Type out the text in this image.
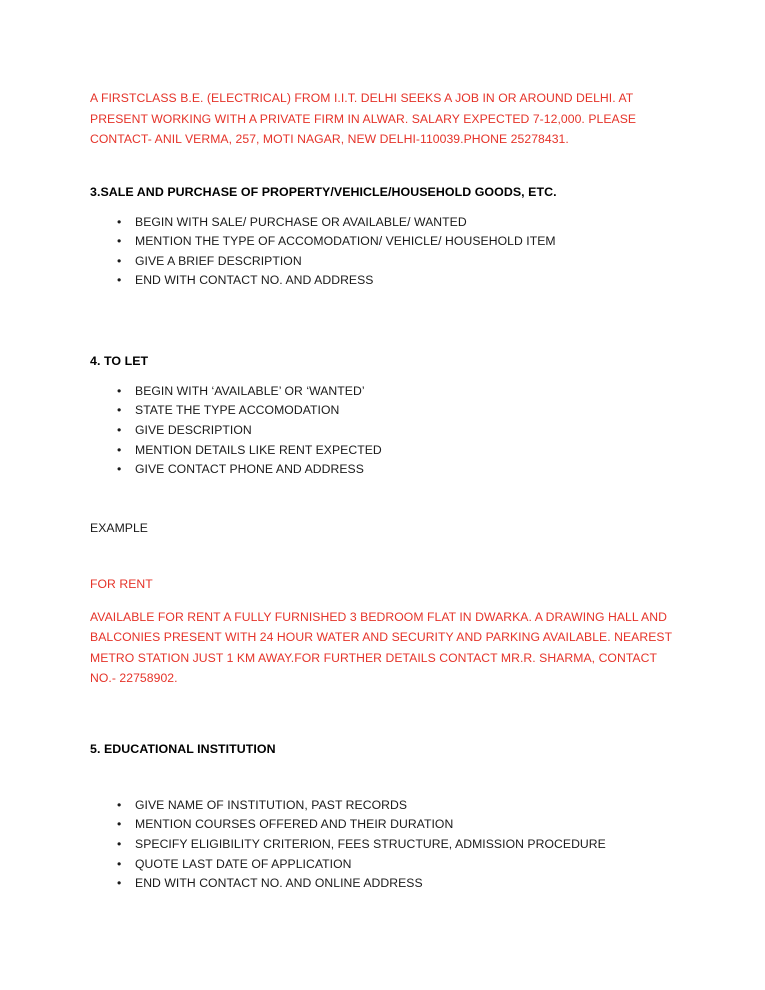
A FIRSTCLASS B.E. (ELECTRICAL) FROM I.I.T. DELHI SEEKS A JOB IN OR AROUND DELHI. AT PRESENT WORKING WITH A PRIVATE FIRM IN ALWAR. SALARY EXPECTED 7-12,000. PLEASE CONTACT- ANIL VERMA, 257, MOTI NAGAR, NEW DELHI-110039.PHONE 25278431.

3.SALE AND PURCHASE OF PROPERTY/VEHICLE/HOUSEHOLD GOODS, ETC.

• BEGIN WITH SALE/ PURCHASE OR AVAILABLE/ WANTED
• MENTION THE TYPE OF ACCOMODATION/ VEHICLE/ HOUSEHOLD ITEM
• GIVE A BRIEF DESCRIPTION
• END WITH CONTACT NO. AND ADDRESS

4. TO LET

• BEGIN WITH ‘AVAILABLE’ OR ‘WANTED’
• STATE THE TYPE ACCOMODATION
• GIVE DESCRIPTION
• MENTION DETAILS LIKE RENT EXPECTED
• GIVE CONTACT PHONE AND ADDRESS

EXAMPLE

FOR RENT

AVAILABLE FOR RENT A FULLY FURNISHED 3 BEDROOM FLAT IN DWARKA. A DRAWING HALL AND BALCONIES PRESENT WITH 24 HOUR WATER AND SECURITY AND PARKING AVAILABLE. NEAREST METRO STATION JUST 1 KM AWAY.FOR FURTHER DETAILS CONTACT MR.R. SHARMA, CONTACT NO.- 22758902.

5. EDUCATIONAL INSTITUTION

• GIVE NAME OF INSTITUTION, PAST RECORDS
• MENTION COURSES OFFERED AND THEIR DURATION
• SPECIFY ELIGIBILITY CRITERION, FEES STRUCTURE, ADMISSION PROCEDURE
• QUOTE LAST DATE OF APPLICATION
• END WITH CONTACT NO. AND ONLINE ADDRESS
